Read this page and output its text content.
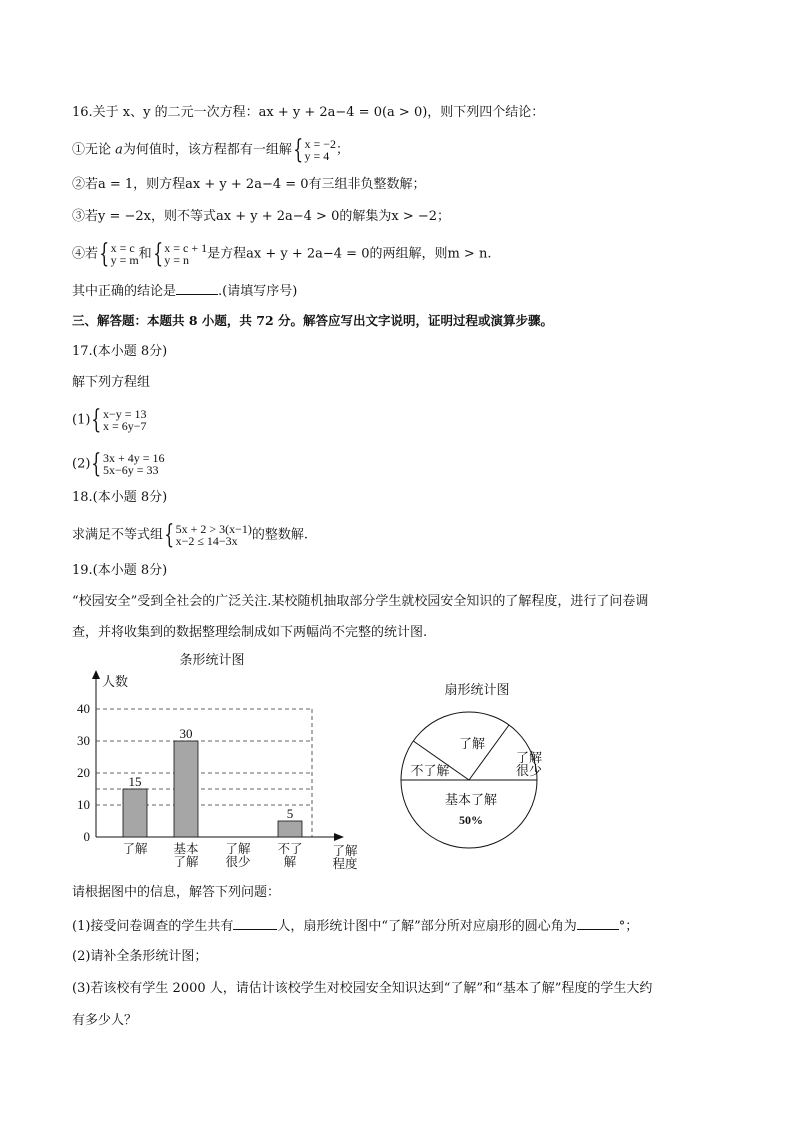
16.关于 x、y 的二元一次方程：ax + y + 2a−4 = 0(a > 0)，则下列四个结论：
①无论 a为何值时，该方程都有一组解 { x = −2
y = 4 ；
②若a = 1，则方程ax + y + 2a−4 = 0有三组非负整数解；
③若y = −2x，则不等式ax + y + 2a−4 > 0的解集为x > −2；
④若 { x = c
y = m 和 { x = c + 1
y = n	是方程ax + y + 2a−4 = 0的两组解，则m > n.
其中正确的结论是	.(请填写序号)
三、解答题：本题共 8 小题，共 72 分。解答应写出文字说明，证明过程或演算步骤。
17.(本小题 8分)
解下列方程组
(1) { x−y = 13
x = 6y−7
(2) { 3x + 4y = 16
5x−6y = 33
18.(本小题 8分)
求满足不等式组 { 5x + 2 > 3(x−1)
x−2 ≤ 14−3x	的整数解.
19.(本小题 8分)
“校园安全”受到全社会的广泛关注.某校随机抽取部分学生就校园安全知识的了解程度，进行了问卷调
查，并将收集到的数据整理绘制成如下两幅尚不完整的统计图.
条形统计图
人数
0
10
20
30
40
15
了解
30
基本
了解
了解
很少
5
不了
解
了解
程度
扇形统计图
了解
了解
很少
基本了解
50%
不了解
请根据图中的信息，解答下列问题：
(1)接受问卷调查的学生共有	人，扇形统计图中“了解”部分所对应扇形的圆心角为	°；
(2)请补全条形统计图；
(3)若该校有学生 2000 人，请估计该校学生对校园安全知识达到“了解”和“基本了解”程度的学生大约
有多少人？
